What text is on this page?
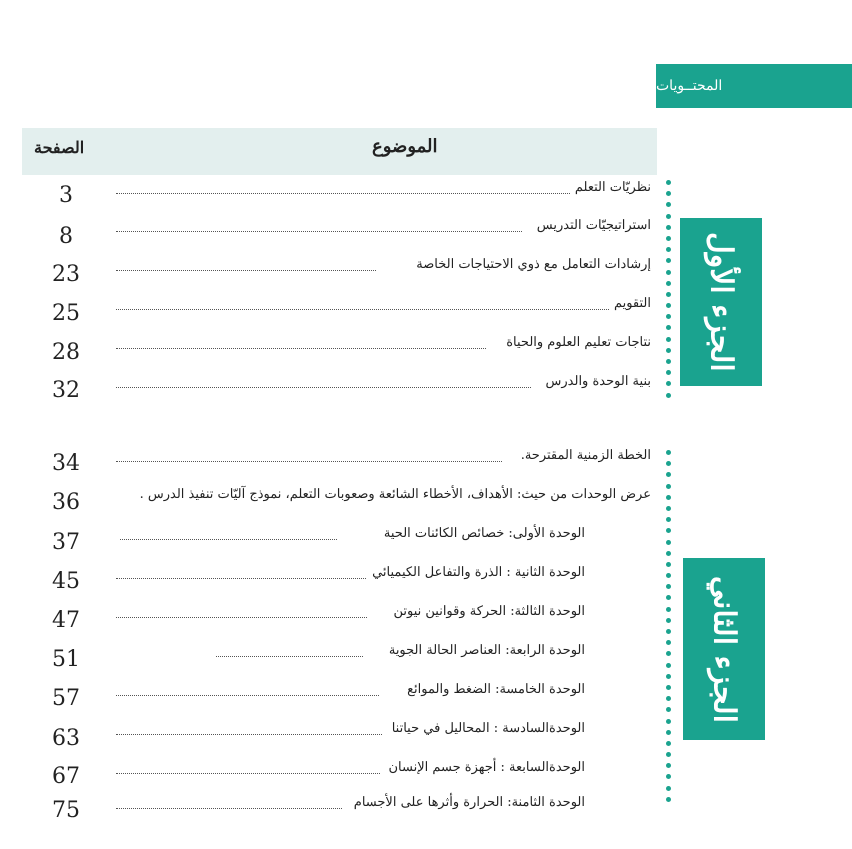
المحتــويات
الموضوع
الصفحة
نظريّات التعلم
3
استراتيجيّات التدريس
8
إرشادات التعامل مع ذوي الاحتياجات الخاصة
23
التقويم
25
نتاجات تعليم العلوم والحياة
28
بنية الوحدة والدرس
32
الخطة الزمنية المقترحة.
34
عرض الوحدات من حيث: الأهداف، الأخطاء الشائعة وصعوبات التعلم، نموذج آليّات تنفيذ الدرس .
36
الوحدة الأولى: خصائص الكائنات الحية
37
الوحدة الثانية : الذرة والتفاعل الكيميائي
45
الوحدة الثالثة: الحركة وقوانين نيوتن
47
الوحدة الرابعة: العناصر الحالة الجوية
51
الوحدة الخامسة: الضغط والموائع
57
الوحدةالسادسة : المحاليل في حياتنا
63
الوحدةالسابعة : أجهزة جسم الإنسان
67
الوحدة الثامنة: الحرارة وأثرها على الأجسام
75
الجزء الأول
الجزء الثاني
